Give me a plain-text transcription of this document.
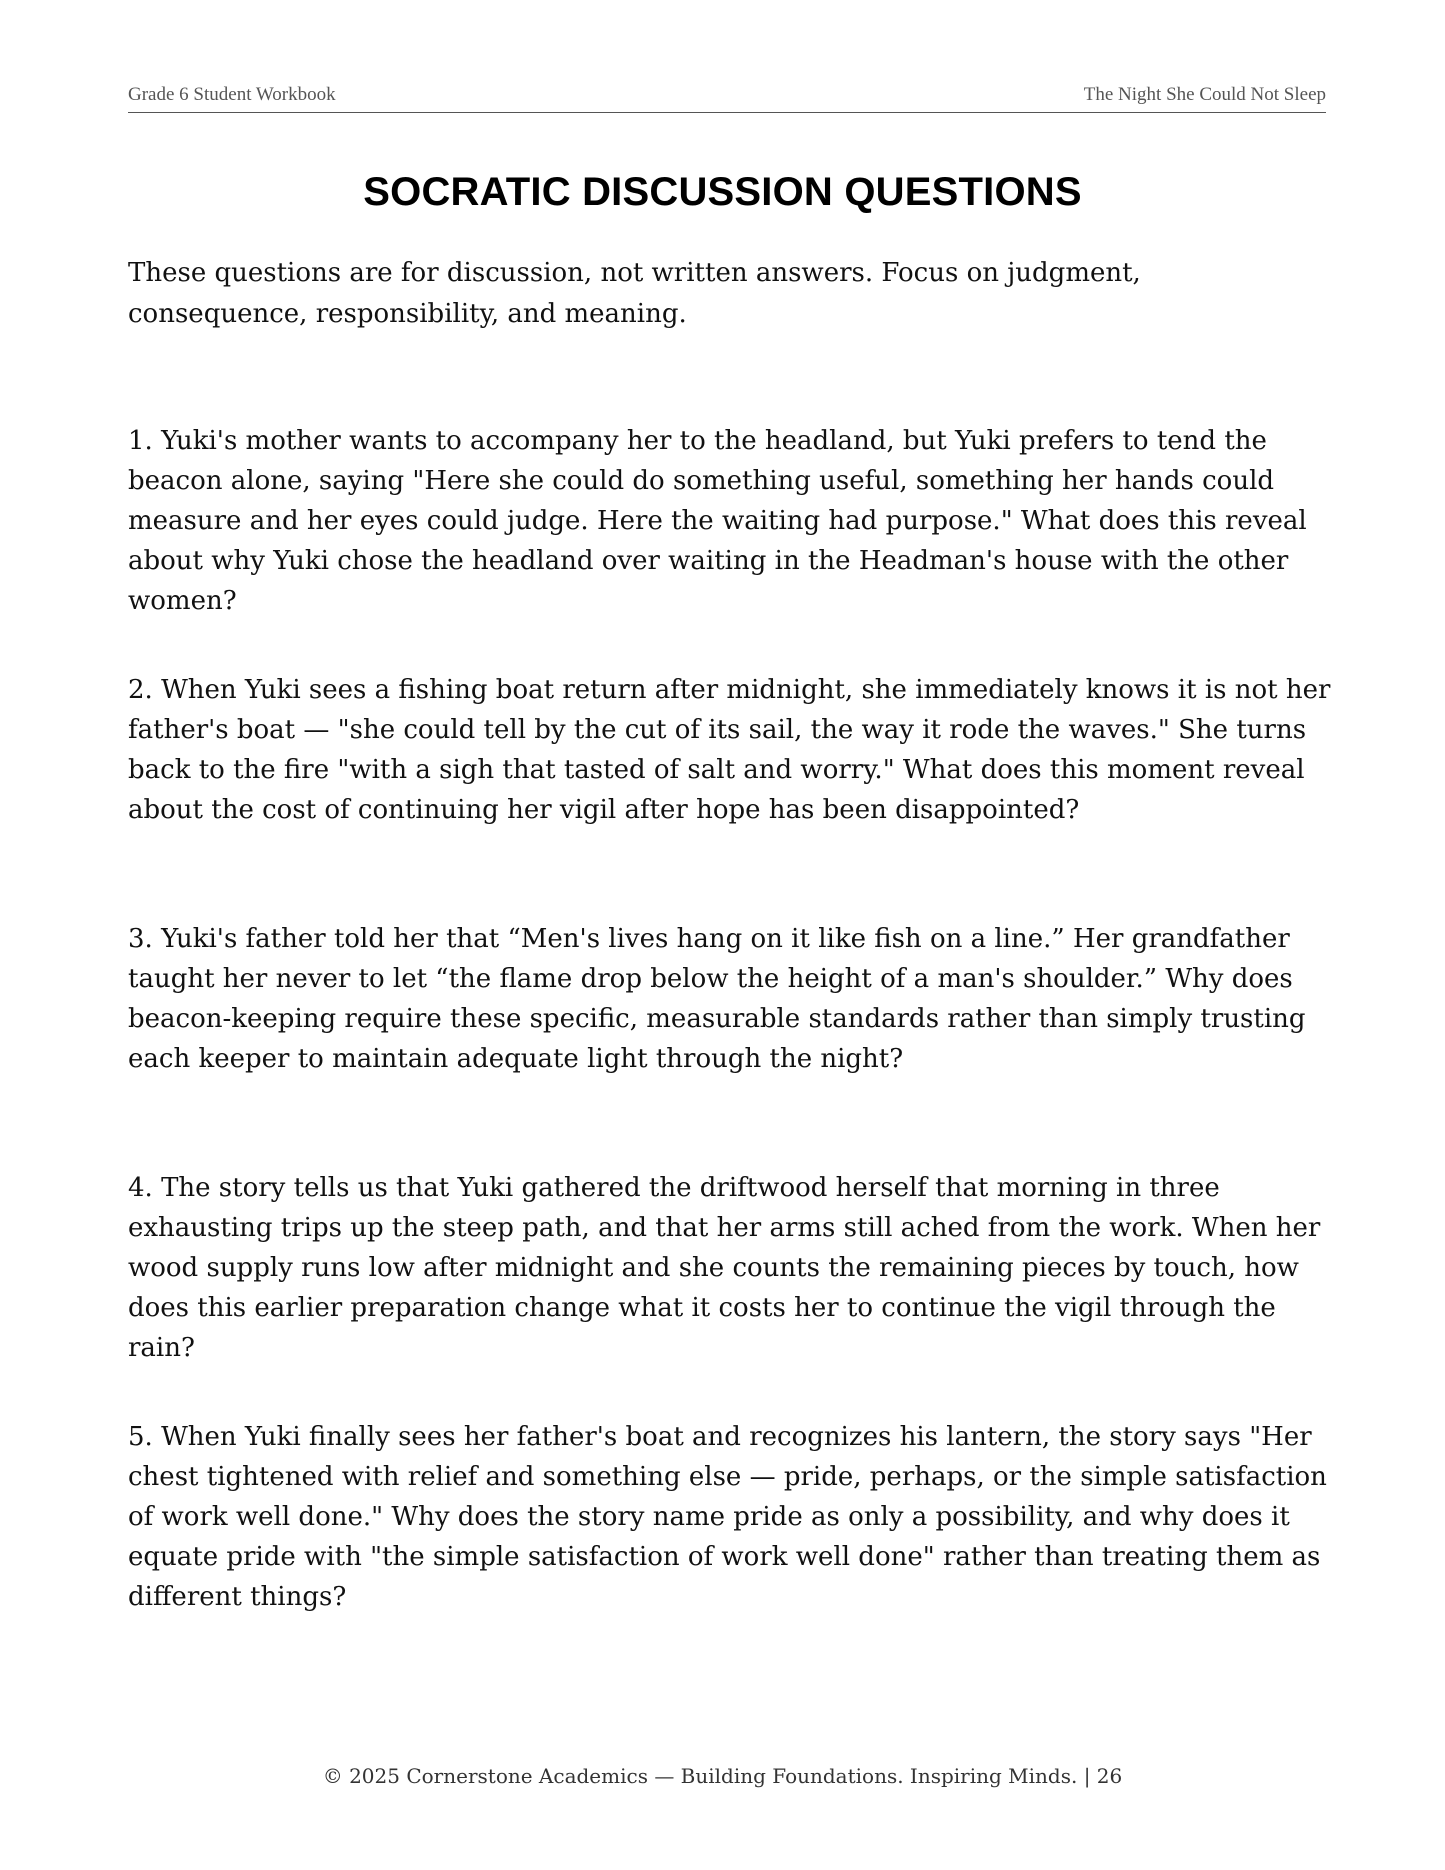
Grade 6 Student Workbook	The Night She Could Not Sleep
SOCRATIC DISCUSSION QUESTIONS

These questions are for discussion, not written answers. Focus on judgment, consequence, responsibility, and meaning.

1. Yuki's mother wants to accompany her to the headland, but Yuki prefers to tend the beacon alone, saying "Here she could do something useful, something her hands could measure and her eyes could judge. Here the waiting had purpose." What does this reveal about why Yuki chose the headland over waiting in the Headman's house with the other women?

2. When Yuki sees a fishing boat return after midnight, she immediately knows it is not her father's boat — "she could tell by the cut of its sail, the way it rode the waves." She turns back to the fire "with a sigh that tasted of salt and worry." What does this moment reveal about the cost of continuing her vigil after hope has been disappointed?

3. Yuki's father told her that “Men's lives hang on it like fish on a line.” Her grandfather taught her never to let “the flame drop below the height of a man's shoulder.” Why does beacon-keeping require these specific, measurable standards rather than simply trusting each keeper to maintain adequate light through the night?

4. The story tells us that Yuki gathered the driftwood herself that morning in three exhausting trips up the steep path, and that her arms still ached from the work. When her wood supply runs low after midnight and she counts the remaining pieces by touch, how does this earlier preparation change what it costs her to continue the vigil through the rain?

5. When Yuki finally sees her father's boat and recognizes his lantern, the story says "Her chest tightened with relief and something else — pride, perhaps, or the simple satisfaction of work well done." Why does the story name pride as only a possibility, and why does it equate pride with "the simple satisfaction of work well done" rather than treating them as different things?

© 2025 Cornerstone Academics — Building Foundations. Inspiring Minds. | 26
